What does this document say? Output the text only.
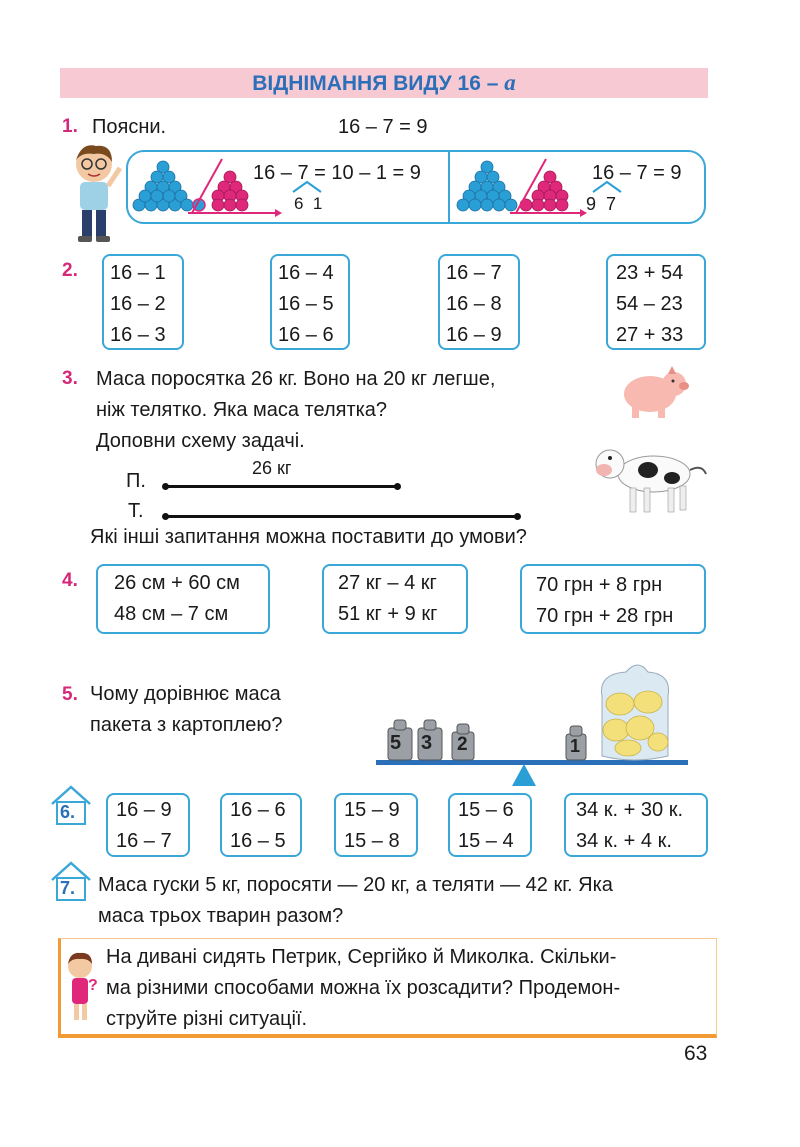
ВІДНІМАННЯ ВИДУ 16 – a
1. Поясни.	16 – 7 = 9
16 – 7 = 10 – 1 = 9
6  1
16 – 7 = 9
9  7
2. 16 – 1
16 – 2
16 – 3
16 – 4
16 – 5
16 – 6
16 – 7
16 – 8
16 – 9
23 + 54
54 – 23
27 + 33
3. Маса поросятка 26 кг. Воно на 20 кг легше,
ніж телятко. Яка маса телятка?
Доповни схему задачі.
П.
Т.
26 кг
Які інші запитання можна поставити до умови?
4. 26 см + 60 см
48 см – 7 см
27 кг – 4 кг
51 кг + 9 кг
70 грн + 8 грн
70 грн + 28 грн
5. Чому дорівнює маса
пакета з картоплею?
5 3 2	1
6. 16 – 9
16 – 7
16 – 6
16 – 5
15 – 9
15 – 8
15 – 6
15 – 4
34 к. + 30 к.
34 к. + 4 к.
7. Маса гуски 5 кг, поросяти — 20 кг, а теляти — 42 кг. Яка
маса трьох тварин разом?
?
На дивані сидять Петрик, Сергійко й Миколка. Скільки-
ма різними способами можна їх розсадити? Продемон-
струйте різні ситуації.
63
